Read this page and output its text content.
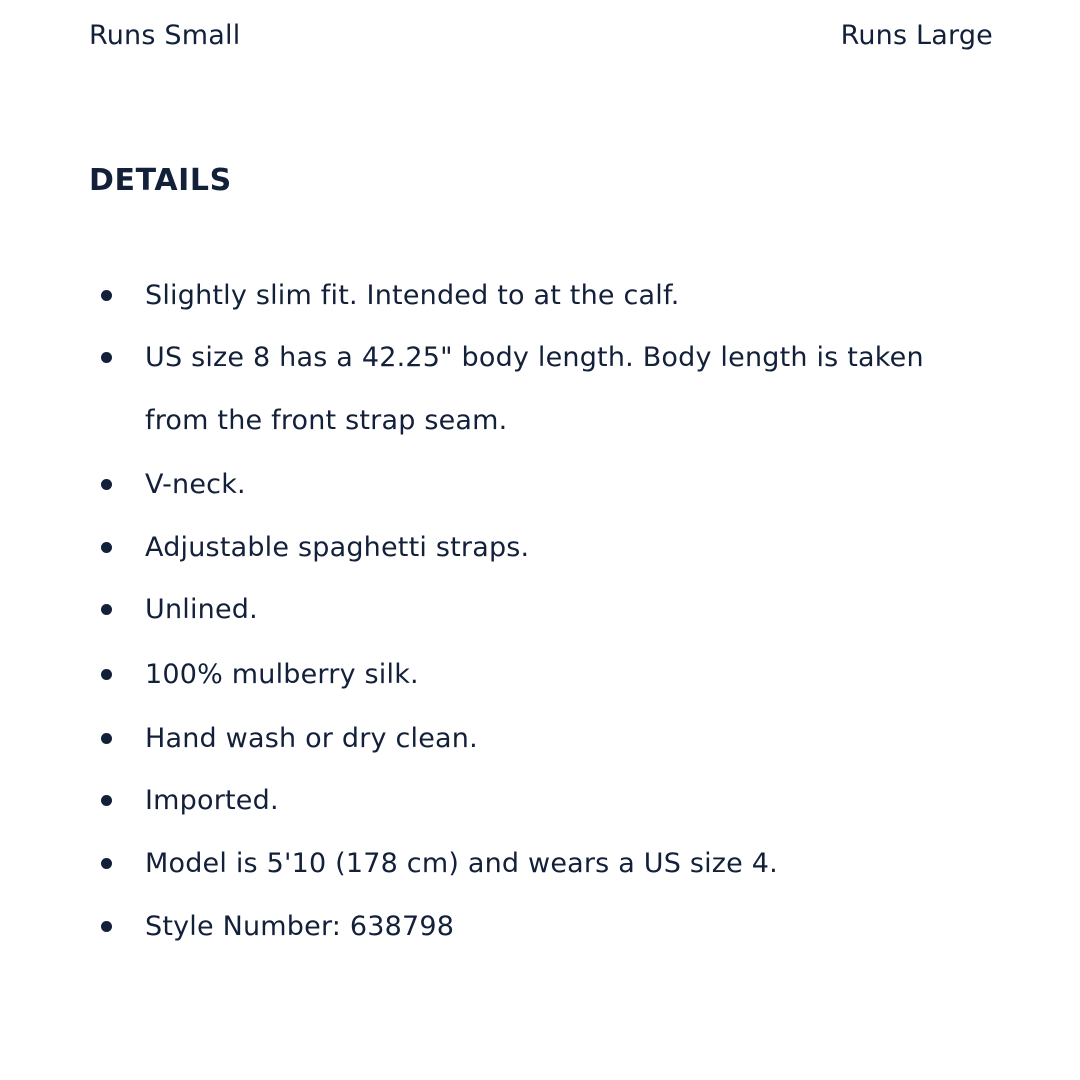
Runs Small	Runs Large
DETAILS
Slightly slim fit. Intended to at the calf.
US size 8 has a 42.25" body length. Body length is taken from the front strap seam.
V-neck.
Adjustable spaghetti straps.
Unlined.
100% mulberry silk.
Hand wash or dry clean.
Imported.
Model is 5'10 (178 cm) and wears a US size 4.
Style Number: 638798
